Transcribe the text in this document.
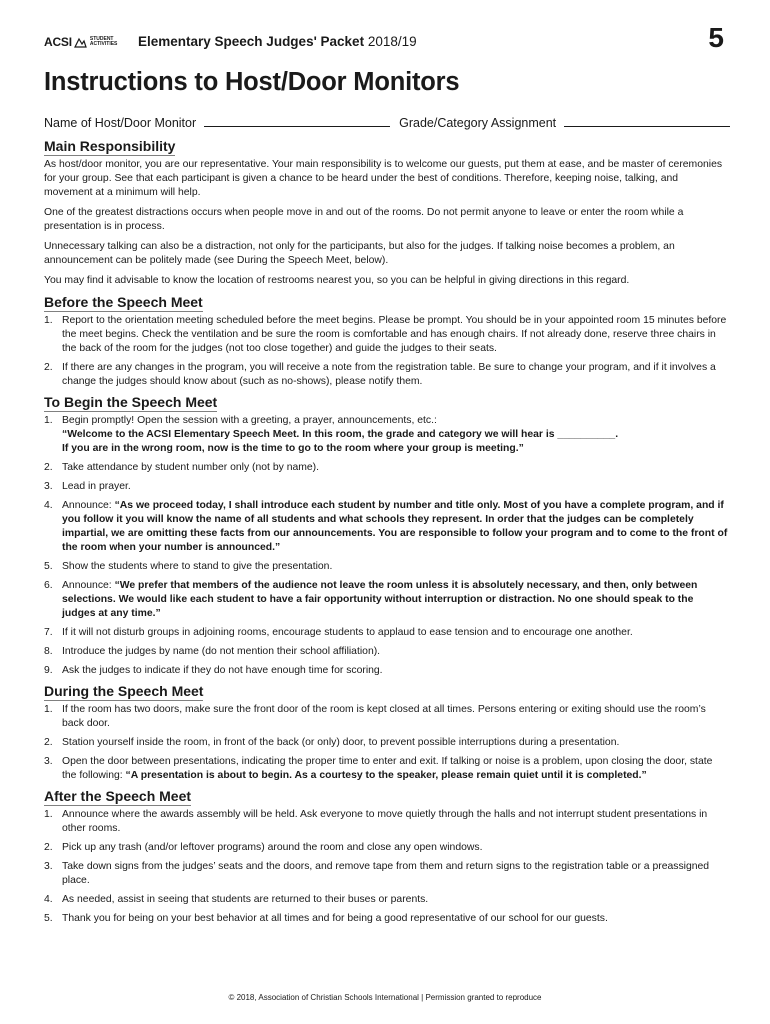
ACSI	STUDENT
ACTIVITIES Elementary Speech Judges' Packet 2018/19	5
Instructions to Host/Door Monitors
Name of Host/Door Monitor	Grade/Category Assignment
Main Responsibility

As host/door monitor, you are our representative. Your main responsibility is to welcome our guests, put them at ease, and be master of ceremonies for your group. See that each participant is given a chance to be heard under the best of conditions. Therefore, keeping noise, talking, and movement at a minimum will help.

One of the greatest distractions occurs when people move in and out of the rooms. Do not permit anyone to leave or enter the room while a presentation is in process.

Unnecessary talking can also be a distraction, not only for the participants, but also for the judges. If talking noise becomes a problem, an announcement can be politely made (see During the Speech Meet, below).

You may find it advisable to know the location of restrooms nearest you, so you can be helpful in giving directions in this regard.

Before the Speech Meet
1. Report to the orientation meeting scheduled before the meet begins. Please be prompt. You should be in your appointed room 15 minutes before the meet begins. Check the ventilation and be sure the room is comfortable and has enough chairs. If not already done, reserve three chairs in the back of the room for the judges (not too close together) and guide the judges to their seats.
2. If there are any changes in the program, you will receive a note from the registration table. Be sure to change your program, and if it involves a change the judges should know about (such as no-shows), please notify them.
To Begin the Speech Meet
1. Begin promptly! Open the session with a greeting, a prayer, announcements, etc.:
“Welcome to the ACSI Elementary Speech Meet. In this room, the grade and category we will hear is __________.
If you are in the wrong room, now is the time to go to the room where your group is meeting.”
2. Take attendance by student number only (not by name).
3. Lead in prayer.
4. Announce: “As we proceed today, I shall introduce each student by number and title only. Most of you have a complete program, and if you follow it you will know the name of all students and what schools they represent. In order that the judges can be completely impartial, we are omitting these facts from our announcements. You are responsible to follow your program and to come to the front of the room when your number is announced.”
5. Show the students where to stand to give the presentation.
6. Announce: “We prefer that members of the audience not leave the room unless it is absolutely necessary, and then, only between selections. We would like each student to have a fair opportunity without interruption or distraction. No one should speak to the judges at any time.”
7. If it will not disturb groups in adjoining rooms, encourage students to applaud to ease tension and to encourage one another.
8. Introduce the judges by name (do not mention their school affiliation).
9. Ask the judges to indicate if they do not have enough time for scoring.
During the Speech Meet
1. If the room has two doors, make sure the front door of the room is kept closed at all times. Persons entering or exiting should use the room’s back door.
2. Station yourself inside the room, in front of the back (or only) door, to prevent possible interruptions during a presentation.
3. Open the door between presentations, indicating the proper time to enter and exit. If talking or noise is a problem, upon closing the door, state the following: “A presentation is about to begin. As a courtesy to the speaker, please remain quiet until it is completed.”
After the Speech Meet
1. Announce where the awards assembly will be held. Ask everyone to move quietly through the halls and not interrupt student presentations in other rooms.
2. Pick up any trash (and/or leftover programs) around the room and close any open windows.
3. Take down signs from the judges’ seats and the doors, and remove tape from them and return signs to the registration table or a preassigned place.
4. As needed, assist in seeing that students are returned to their buses or parents.
5. Thank you for being on your best behavior at all times and for being a good representative of our school for our guests.
© 2018, Association of Christian Schools International | Permission granted to reproduce
